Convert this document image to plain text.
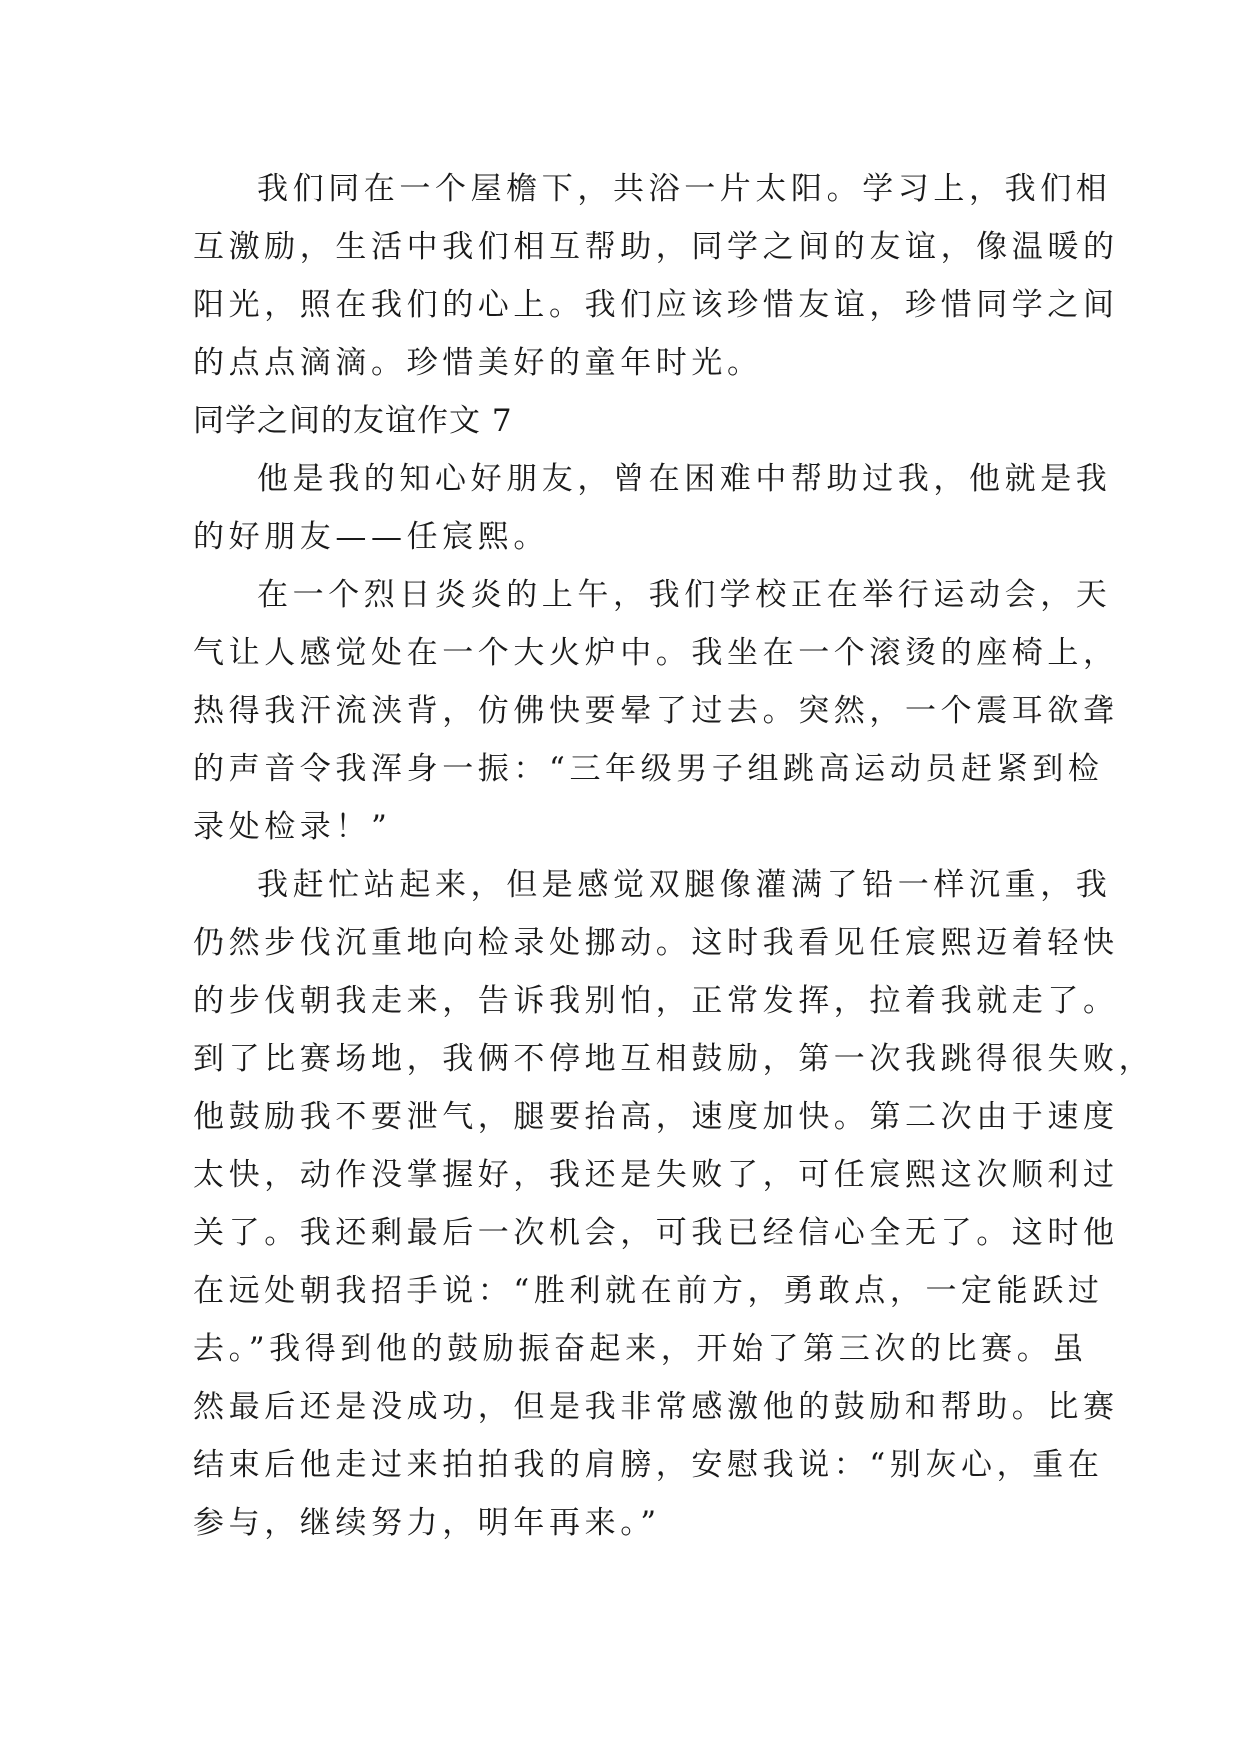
我们同在一个屋檐下，共浴一片太阳。学习上，我们相
互激励，生活中我们相互帮助，同学之间的友谊，像温暖的
阳光，照在我们的心上。我们应该珍惜友谊，珍惜同学之间
的点点滴滴。珍惜美好的童年时光。
同学之间的友谊作文 7
他是我的知心好朋友，曾在困难中帮助过我，他就是我
的好朋友——任宸熙。
在一个烈日炎炎的上午，我们学校正在举行运动会，天
气让人感觉处在一个大火炉中。我坐在一个滚烫的座椅上，
热得我汗流浃背，仿佛快要晕了过去。突然，一个震耳欲聋
的声音令我浑身一振：“三年级男子组跳高运动员赶紧到检
录处检录！”
我赶忙站起来，但是感觉双腿像灌满了铅一样沉重，我
仍然步伐沉重地向检录处挪动。这时我看见任宸熙迈着轻快
的步伐朝我走来，告诉我别怕，正常发挥，拉着我就走了。
到了比赛场地，我俩不停地互相鼓励，第一次我跳得很失败，
他鼓励我不要泄气，腿要抬高，速度加快。第二次由于速度
太快，动作没掌握好，我还是失败了，可任宸熙这次顺利过
关了。我还剩最后一次机会，可我已经信心全无了。这时他
在远处朝我招手说：“胜利就在前方，勇敢点，一定能跃过
去。”我得到他的鼓励振奋起来，开始了第三次的比赛。虽
然最后还是没成功，但是我非常感激他的鼓励和帮助。比赛
结束后他走过来拍拍我的肩膀，安慰我说：“别灰心，重在
参与，继续努力，明年再来。”
